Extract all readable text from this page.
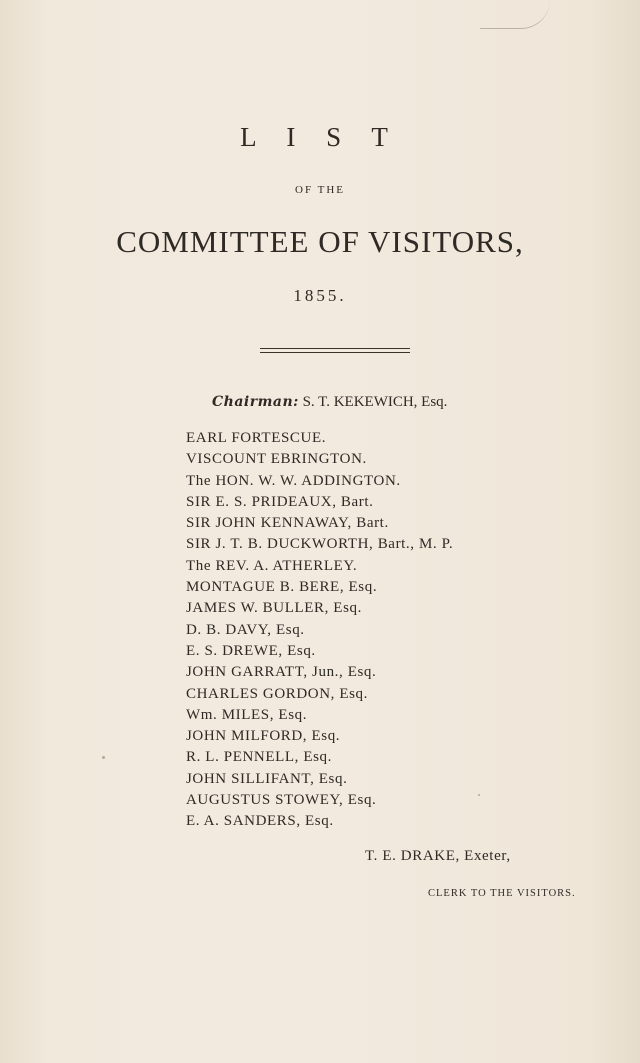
L I S T
OF THE
COMMITTEE OF VISITORS,
1855.
Chairman: S. T. KEKEWICH, Esq.
EARL FORTESCUE.
VISCOUNT EBRINGTON.
The HON. W. W. ADDINGTON.
SIR E. S. PRIDEAUX, Bart.
SIR JOHN KENNAWAY, Bart.
SIR J. T. B. DUCKWORTH, Bart., M. P.
The REV. A. ATHERLEY.
MONTAGUE B. BERE, Esq.
JAMES W. BULLER, Esq.
D. B. DAVY, Esq.
E. S. DREWE, Esq.
JOHN GARRATT, Jun., Esq.
CHARLES GORDON, Esq.
Wm. MILES, Esq.
JOHN MILFORD, Esq.
R. L. PENNELL, Esq.
JOHN SILLIFANT, Esq.
AUGUSTUS STOWEY, Esq.
E. A. SANDERS, Esq.
T. E. DRAKE, Exeter,
CLERK TO THE VISITORS.
